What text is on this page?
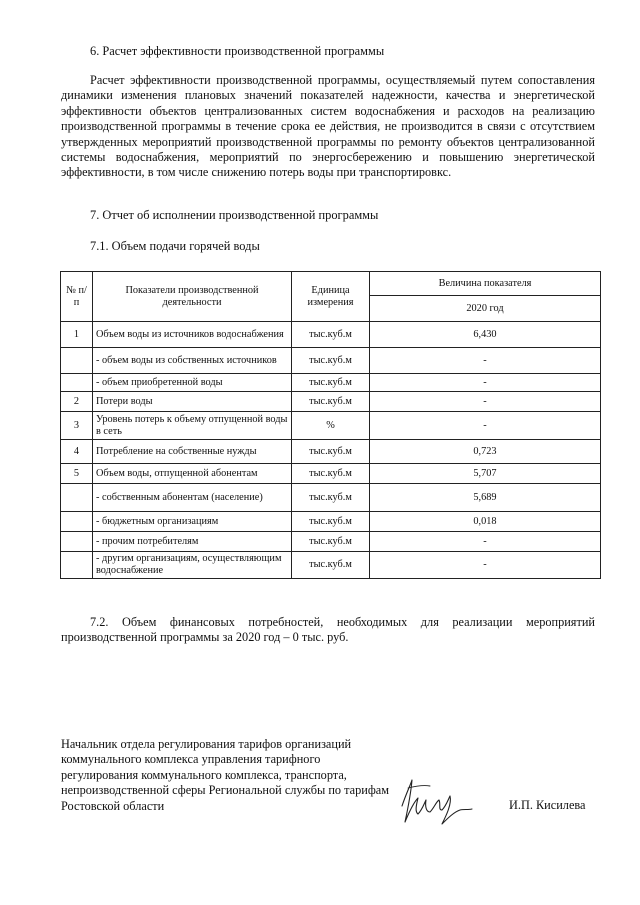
6. Расчет эффективности производственной программы

Расчет эффективности производственной программы, осуществляемый путем сопоставления динамики изменения плановых значений показателей надежности, качества и энергетической эффективности объектов централизованных систем водоснабжения и расходов на реализацию производственной программы в течение срока ее действия, не производится в связи с отсутствием утвержденных мероприятий производственной программы по ремонту объектов централизованной системы водоснабжения, мероприятий по энергосбережению и повышению энергетической эффективности, в том числе снижению потерь воды при транспортировкс.

7. Отчет об исполнении производственной программы
7.1. Объем подачи горячей воды
№ п/п	Показатели производственной деятельности	Единица измерения	Величина показателя
			2020 год
1	Объем воды из источников водоснабжения	тыс.куб.м	6,430
	- объем воды из собственных источников	тыс.куб.м	-
	- объем приобретенной воды	тыс.куб.м	-
2	Потери воды	тыс.куб.м	-
3	Уровень потерь к объему отпущенной воды в сеть	%	-
4	Потребление на собственные нужды	тыс.куб.м	0,723
5	Объем воды, отпущенной абонентам	тыс.куб.м	5,707
	- собственным абонентам (население)	тыс.куб.м	5,689
	- бюджетным организациям	тыс.куб.м	0,018
	- прочим потребителям	тыс.куб.м	-
	- другим организациям, осуществляющим водоснабжение	тыс.куб.м	-

7.2. Объем финансовых потребностей, необходимых для реализации мероприятий производственной программы за 2020 год – 0 тыс. руб.

Начальник отдела регулирования тарифов организаций коммунального комплекса управления тарифного регулирования коммунального комплекса, транспорта, непроизводственной сферы Региональной службы по тарифам Ростовской области	И.П. Кисилева
